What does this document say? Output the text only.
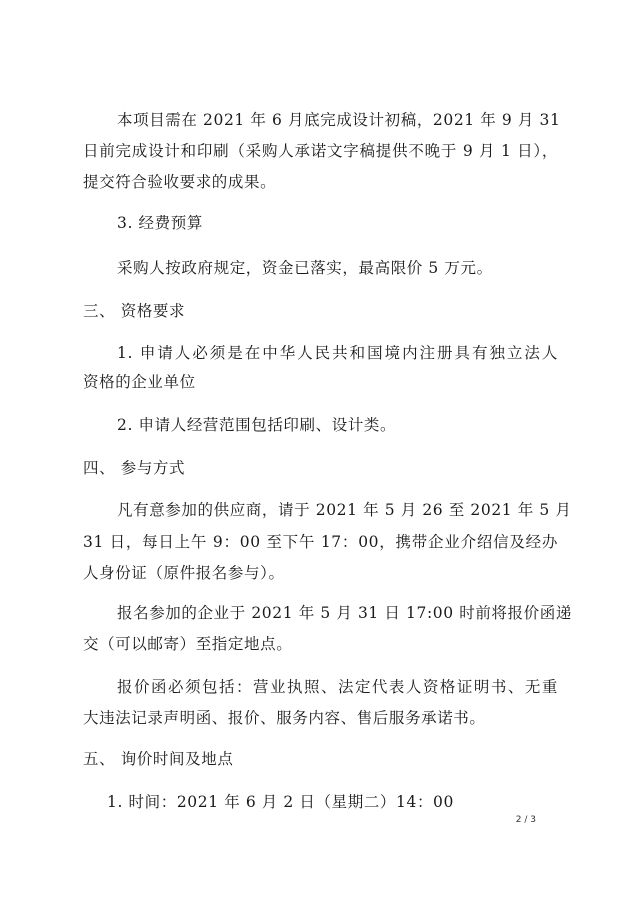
本项目需在 2021 年 6 月底完成设计初稿，2021 年 9 月 31
日前完成设计和印刷（采购人承诺文字稿提供不晚于 9 月 1 日），
提交符合验收要求的成果。
3. 经费预算
采购人按政府规定，资金已落实，最高限价 5 万元。
三、 资格要求
1. 申请人必须是在中华人民共和国境内注册具有独立法人
资格的企业单位
2. 申请人经营范围包括印刷、设计类。
四、 参与方式
凡有意参加的供应商，请于 2021 年 5 月 26 至 2021 年 5 月
31 日，每日上午 9：00 至下午 17：00，携带企业介绍信及经办
人身份证（原件报名参与）。
报名参加的企业于 2021 年 5 月 31 日 17:00 时前将报价函递
交（可以邮寄）至指定地点。
报价函必须包括：营业执照、法定代表人资格证明书、无重
大违法记录声明函、报价、服务内容、售后服务承诺书。
五、 询价时间及地点
1. 时间：2021 年 6 月 2 日（星期二）14：00
2 / 3
